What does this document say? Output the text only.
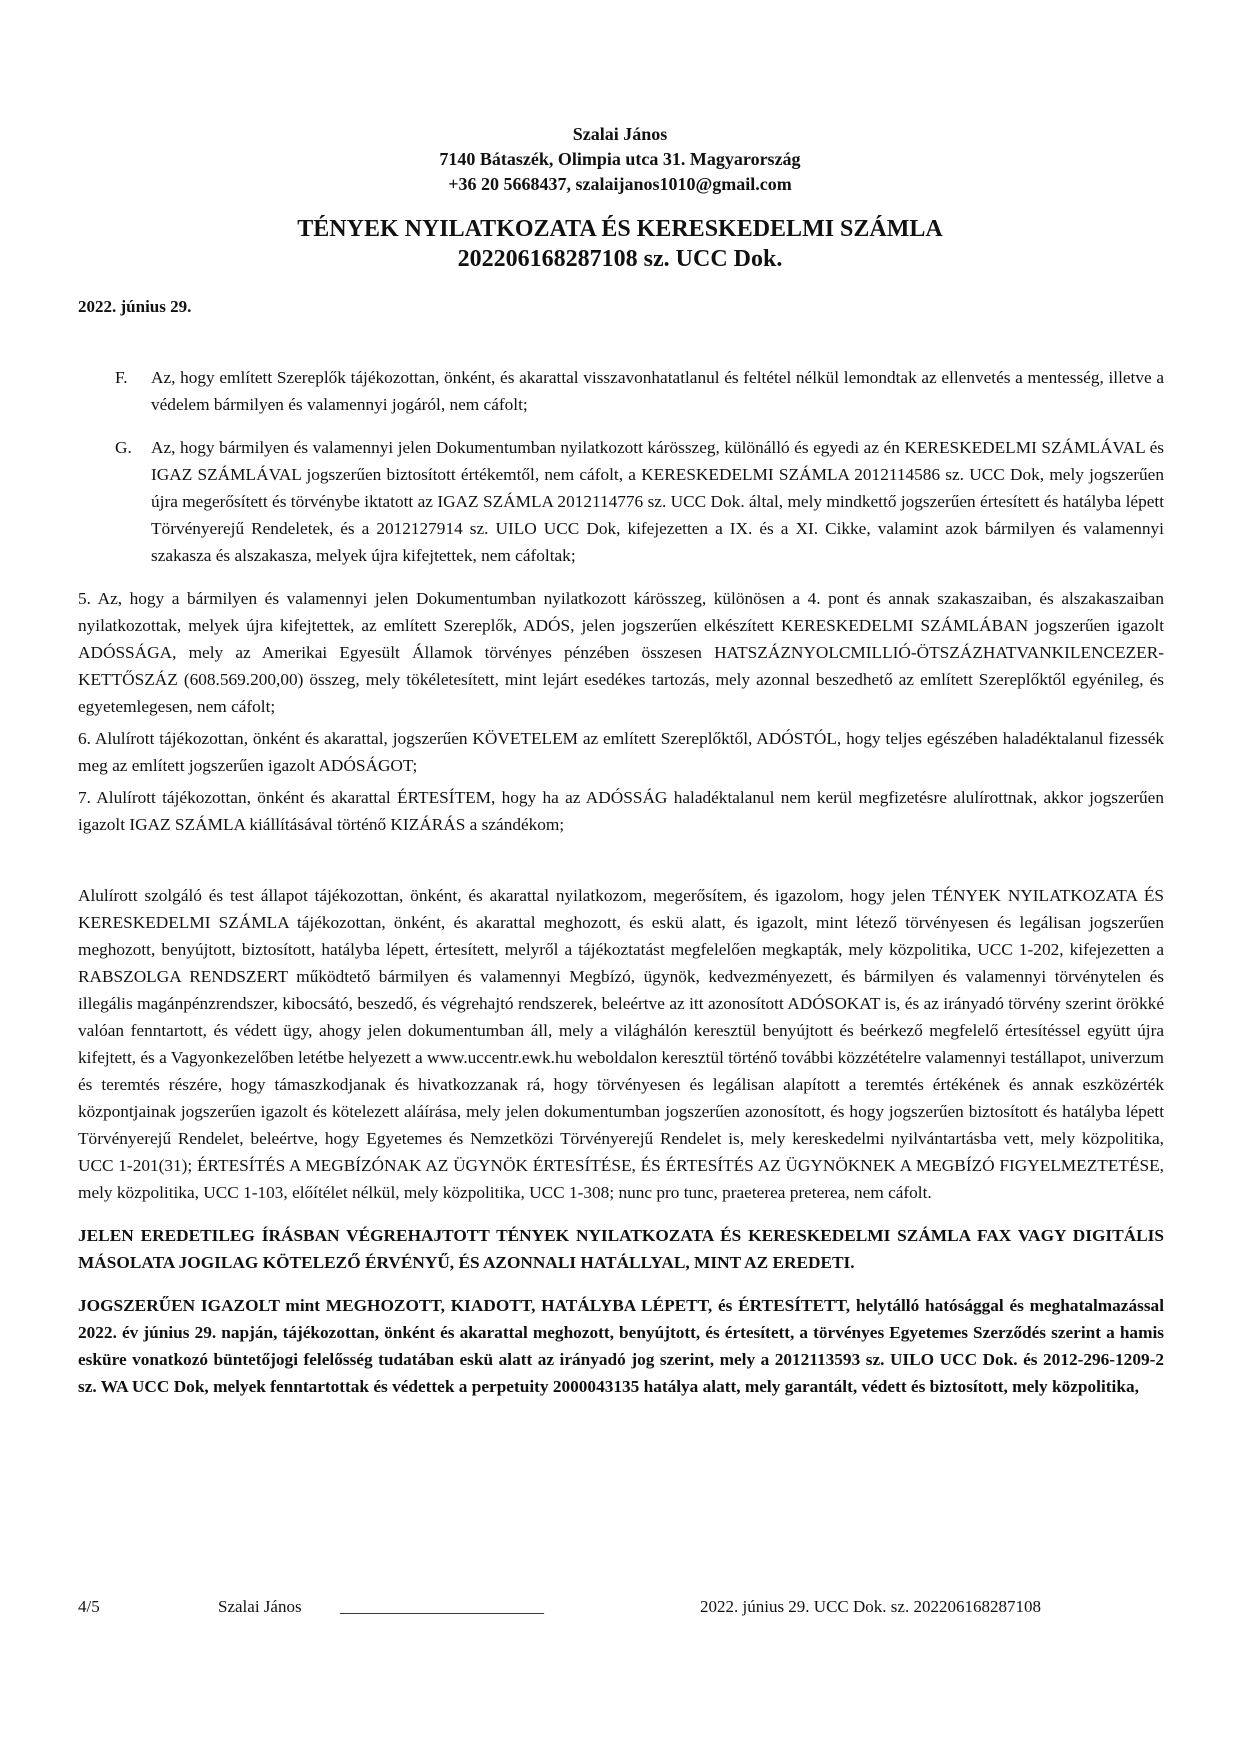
Szalai János
7140 Bátaszék, Olimpia utca 31. Magyarország
+36 20 5668437, szalaijanos1010@gmail.com
TÉNYEK NYILATKOZATA ÉS KERESKEDELMI SZÁMLA
202206168287108 sz. UCC Dok.
2022. június 29.
F. Az, hogy említett Szereplők tájékozottan, önként, és akarattal visszavonhatatlanul és feltétel nélkül lemondtak az ellenvetés a mentesség, illetve a védelem bármilyen és valamennyi jogáról, nem cáfolt;

G. Az, hogy bármilyen és valamennyi jelen Dokumentumban nyilatkozott kárösszeg, különálló és egyedi az én KERESKEDELMI SZÁMLÁVAL és IGAZ SZÁMLÁVAL jogszerűen biztosított értékemtől, nem cáfolt, a KERESKEDELMI SZÁMLA 2012114586 sz. UCC Dok, mely jogszerűen újra megerősített és törvénybe iktatott az IGAZ SZÁMLA 2012114776 sz. UCC Dok. által, mely mindkettő jogszerűen értesített és hatályba lépett Törvényerejű Rendeletek, és a 2012127914 sz. UILO UCC Dok, kifejezetten a IX. és a XI. Cikke, valamint azok bármilyen és valamennyi szakasza és alszakasza, melyek újra kifejtettek, nem cáfoltak;

5. Az, hogy a bármilyen és valamennyi jelen Dokumentumban nyilatkozott kárösszeg, különösen a 4. pont és annak szakaszaiban, és alszakaszaiban nyilatkozottak, melyek újra kifejtettek, az említett Szereplők, ADÓS, jelen jogszerűen elkészített KERESKEDELMI SZÁMLÁBAN jogszerűen igazolt ADÓSSÁGA, mely az Amerikai Egyesült Államok törvényes pénzében összesen HATSZÁZNYOLCMILLIÓ-ÖTSZÁZHATVANKILENCEZER-KETTŐSZÁZ (608.569.200,00) összeg, mely tökéletesített, mint lejárt esedékes tartozás, mely azonnal beszedhető az említett Szereplőktől egyénileg, és egyetemlegesen, nem cáfolt;

6. Alulírott tájékozottan, önként és akarattal, jogszerűen KÖVETELEM az említett Szereplőktől, ADÓSTÓL, hogy teljes egészében haladéktalanul fizessék meg az említett jogszerűen igazolt ADÓSÁGOT;

7. Alulírott tájékozottan, önként és akarattal ÉRTESÍTEM, hogy ha az ADÓSSÁG haladéktalanul nem kerül megfizetésre alulírottnak, akkor jogszerűen igazolt IGAZ SZÁMLA kiállításával történő KIZÁRÁS a szándékom;

Alulírott szolgáló és test állapot tájékozottan, önként, és akarattal nyilatkozom, megerősítem, és igazolom, hogy jelen TÉNYEK NYILATKOZATA ÉS KERESKEDELMI SZÁMLA tájékozottan, önként, és akarattal meghozott, és eskü alatt, és igazolt, mint létező törvényesen és legálisan jogszerűen meghozott, benyújtott, biztosított, hatályba lépett, értesített, melyről a tájékoztatást megfelelően megkapták, mely közpolitika, UCC 1-202, kifejezetten a RABSZOLGA RENDSZERT működtető bármilyen és valamennyi Megbízó, ügynök, kedvezményezett, és bármilyen és valamennyi törvénytelen és illegális magánpénzrendszer, kibocsátó, beszedő, és végrehajtó rendszerek, beleértve az itt azonosított ADÓSOKAT is, és az irányadó törvény szerint örökké valóan fenntartott, és védett ügy, ahogy jelen dokumentumban áll, mely a világhálón keresztül benyújtott és beérkező megfelelő értesítéssel együtt újra kifejtett, és a Vagyonkezelőben letétbe helyezett a www.uccentr.ewk.hu weboldalon keresztül történő további közzétételre valamennyi testállapot, univerzum és teremtés részére, hogy támaszkodjanak és hivatkozzanak rá, hogy törvényesen és legálisan alapított a teremtés értékének és annak eszközérték központjainak jogszerűen igazolt és kötelezett aláírása, mely jelen dokumentumban jogszerűen azonosított, és hogy jogszerűen biztosított és hatályba lépett Törvényerejű Rendelet, beleértve, hogy Egyetemes és Nemzetközi Törvényerejű Rendelet is, mely kereskedelmi nyilvántartásba vett, mely közpolitika, UCC 1-201(31); ÉRTESÍTÉS A MEGBÍZÓNAK AZ ÜGYNÖK ÉRTESÍTÉSE, ÉS ÉRTESÍTÉS AZ ÜGYNÖKNEK A MEGBÍZÓ FIGYELMEZTETÉSE, mely közpolitika, UCC 1-103, előítélet nélkül, mely közpolitika, UCC 1-308; nunc pro tunc, praeterea preterea, nem cáfolt.

JELEN EREDETILEG ÍRÁSBAN VÉGREHAJTOTT TÉNYEK NYILATKOZATA ÉS KERESKEDELMI SZÁMLA FAX VAGY DIGITÁLIS MÁSOLATA JOGILAG KÖTELEZŐ ÉRVÉNYŰ, ÉS AZONNALI HATÁLLYAL, MINT AZ EREDETI.

JOGSZERŰEN IGAZOLT mint MEGHOZOTT, KIADOTT, HATÁLYBA LÉPETT, és ÉRTESÍTETT, helytálló hatósággal és meghatalmazással 2022. év június 29. napján, tájékozottan, önként és akarattal meghozott, benyújtott, és értesített, a törvényes Egyetemes Szerződés szerint a hamis esküre vonatkozó büntetőjogi felelősség tudatában eskü alatt az irányadó jog szerint, mely a 2012113593 sz. UILO UCC Dok. és 2012-296-1209-2 sz. WA UCC Dok, melyek fenntartottak és védettek a perpetuity 2000043135 hatálya alatt, mely garantált, védett és biztosított, mely közpolitika,

4/5	Szalai János ________________________	2022. június 29. UCC Dok. sz. 202206168287108
